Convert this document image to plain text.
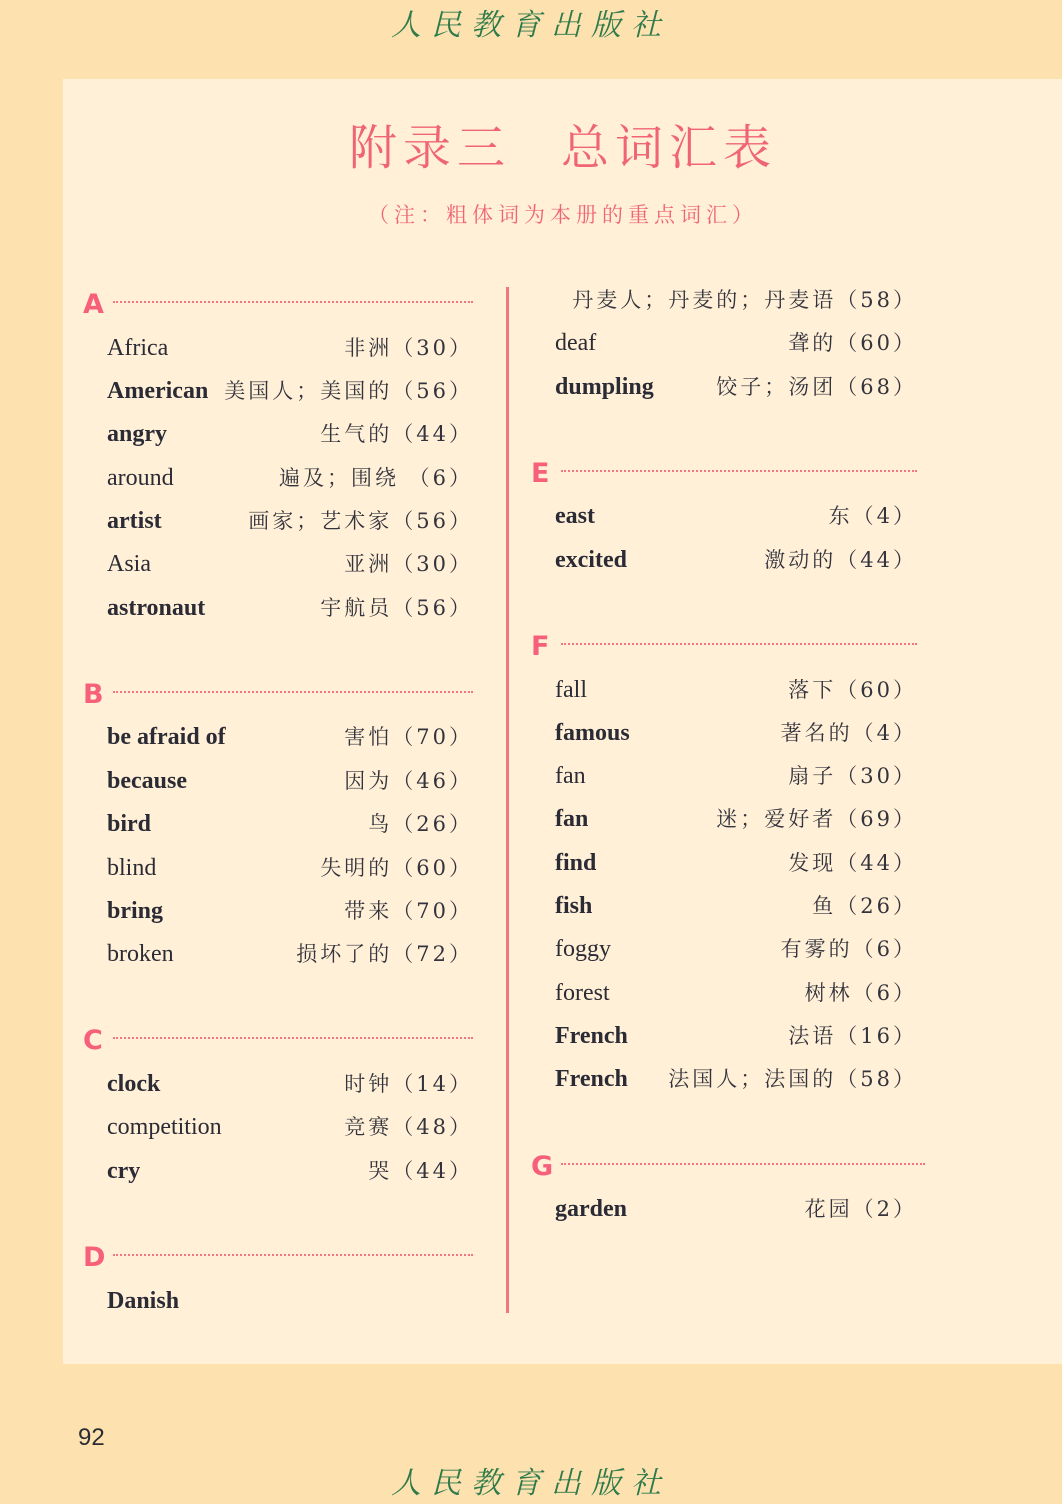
人民教育出版社
附录三 总词汇表
（注：粗体词为本册的重点词汇）
A
Africa	非洲（30）
American 美国人；美国的（56）
angry	生气的（44）
around	遍及；围绕 （6）
artist	画家；艺术家（56）
Asia	亚洲（30）
astronaut	宇航员（56）
B
be afraid of	害怕（70）
because	因为（46）
bird	鸟（26）
blind	失明的（60）
bring	带来（70）
broken	损坏了的（72）
C
clock	时钟（14）
competition	竞赛（48）
cry	哭（44）
D
Danish
丹麦人；丹麦的；丹麦语（58）
deaf	聋的（60）
dumpling	饺子；汤团（68）
E
east	东（4）
excited	激动的（44）
F
fall	落下（60）
famous	著名的（4）
fan	扇子（30）
fan	迷；爱好者（69）
find	发现（44）
fish	鱼（26）
foggy	有雾的（6）
forest	树林（6）
French	法语（16）
French 法国人；法国的（58）
G
garden	花园（2）
92
人民教育出版社
